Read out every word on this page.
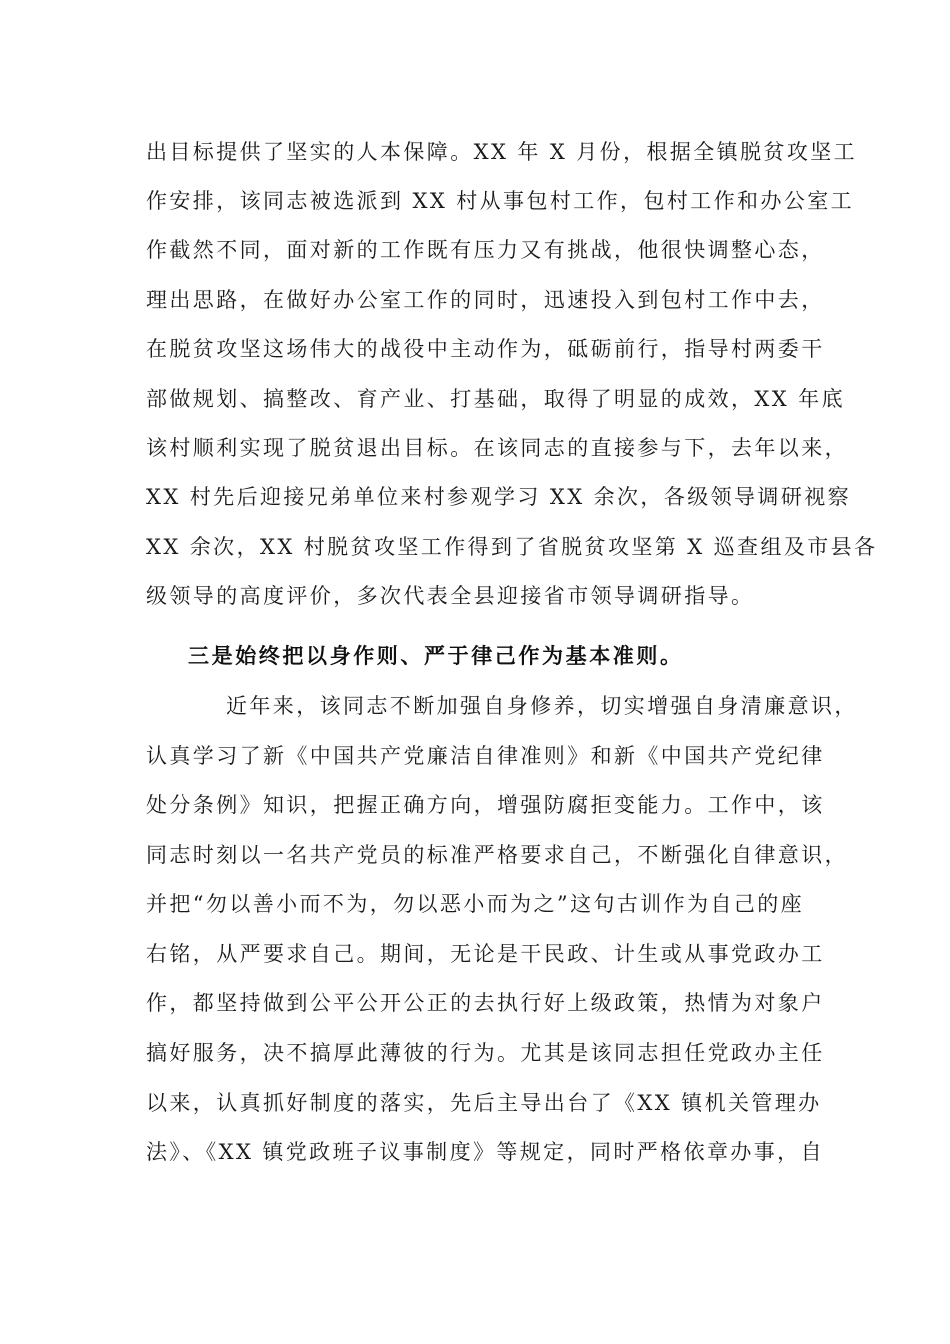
出目标提供了坚实的人本保障。XX 年 X 月份，根据全镇脱贫攻坚工
作安排，该同志被选派到 XX 村从事包村工作，包村工作和办公室工
作截然不同，面对新的工作既有压力又有挑战，他很快调整心态，
理出思路，在做好办公室工作的同时，迅速投入到包村工作中去，
在脱贫攻坚这场伟大的战役中主动作为，砥砺前行，指导村两委干
部做规划、搞整改、育产业、打基础，取得了明显的成效，XX 年底
该村顺利实现了脱贫退出目标。在该同志的直接参与下，去年以来，
XX 村先后迎接兄弟单位来村参观学习 XX 余次，各级领导调研视察
XX 余次，XX 村脱贫攻坚工作得到了省脱贫攻坚第 X 巡查组及市县各
级领导的高度评价，多次代表全县迎接省市领导调研指导。
三是始终把以身作则、严于律己作为基本准则。
近年来，该同志不断加强自身修养，切实增强自身清廉意识，
认真学习了新《中国共产党廉洁自律准则》和新《中国共产党纪律
处分条例》知识，把握正确方向，增强防腐拒变能力。工作中，该
同志时刻以一名共产党员的标准严格要求自己，不断强化自律意识，
并把“勿以善小而不为，勿以恶小而为之”这句古训作为自己的座
右铭，从严要求自己。期间，无论是干民政、计生或从事党政办工
作，都坚持做到公平公开公正的去执行好上级政策，热情为对象户
搞好服务，决不搞厚此薄彼的行为。尤其是该同志担任党政办主任
以来，认真抓好制度的落实，先后主导出台了《XX 镇机关管理办
法》、《XX 镇党政班子议事制度》等规定，同时严格依章办事，自
